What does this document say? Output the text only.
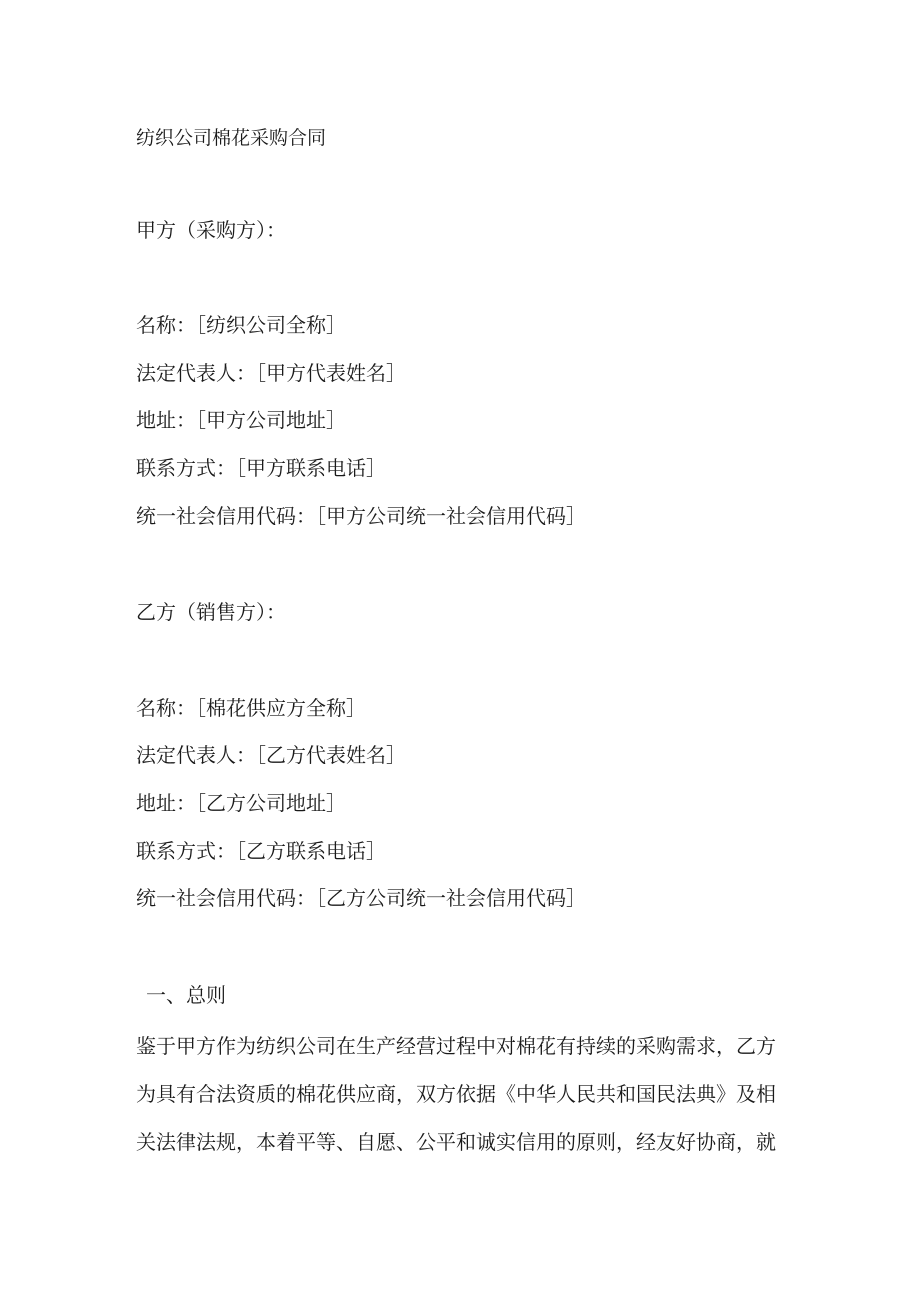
纺织公司棉花采购合同
甲方（采购方）：
名称：［纺织公司全称］
法定代表人：［甲方代表姓名］
地址：［甲方公司地址］
联系方式：［甲方联系电话］
统一社会信用代码：［甲方公司统一社会信用代码］
乙方（销售方）：
名称：［棉花供应方全称］
法定代表人：［乙方代表姓名］
地址：［乙方公司地址］
联系方式：［乙方联系电话］
统一社会信用代码：［乙方公司统一社会信用代码］
一、总则
鉴于甲方作为纺织公司在生产经营过程中对棉花有持续的采购需求，乙方
为具有合法资质的棉花供应商，双方依据《中华人民共和国民法典》及相
关法律法规，本着平等、自愿、公平和诚实信用的原则，经友好协商，就
